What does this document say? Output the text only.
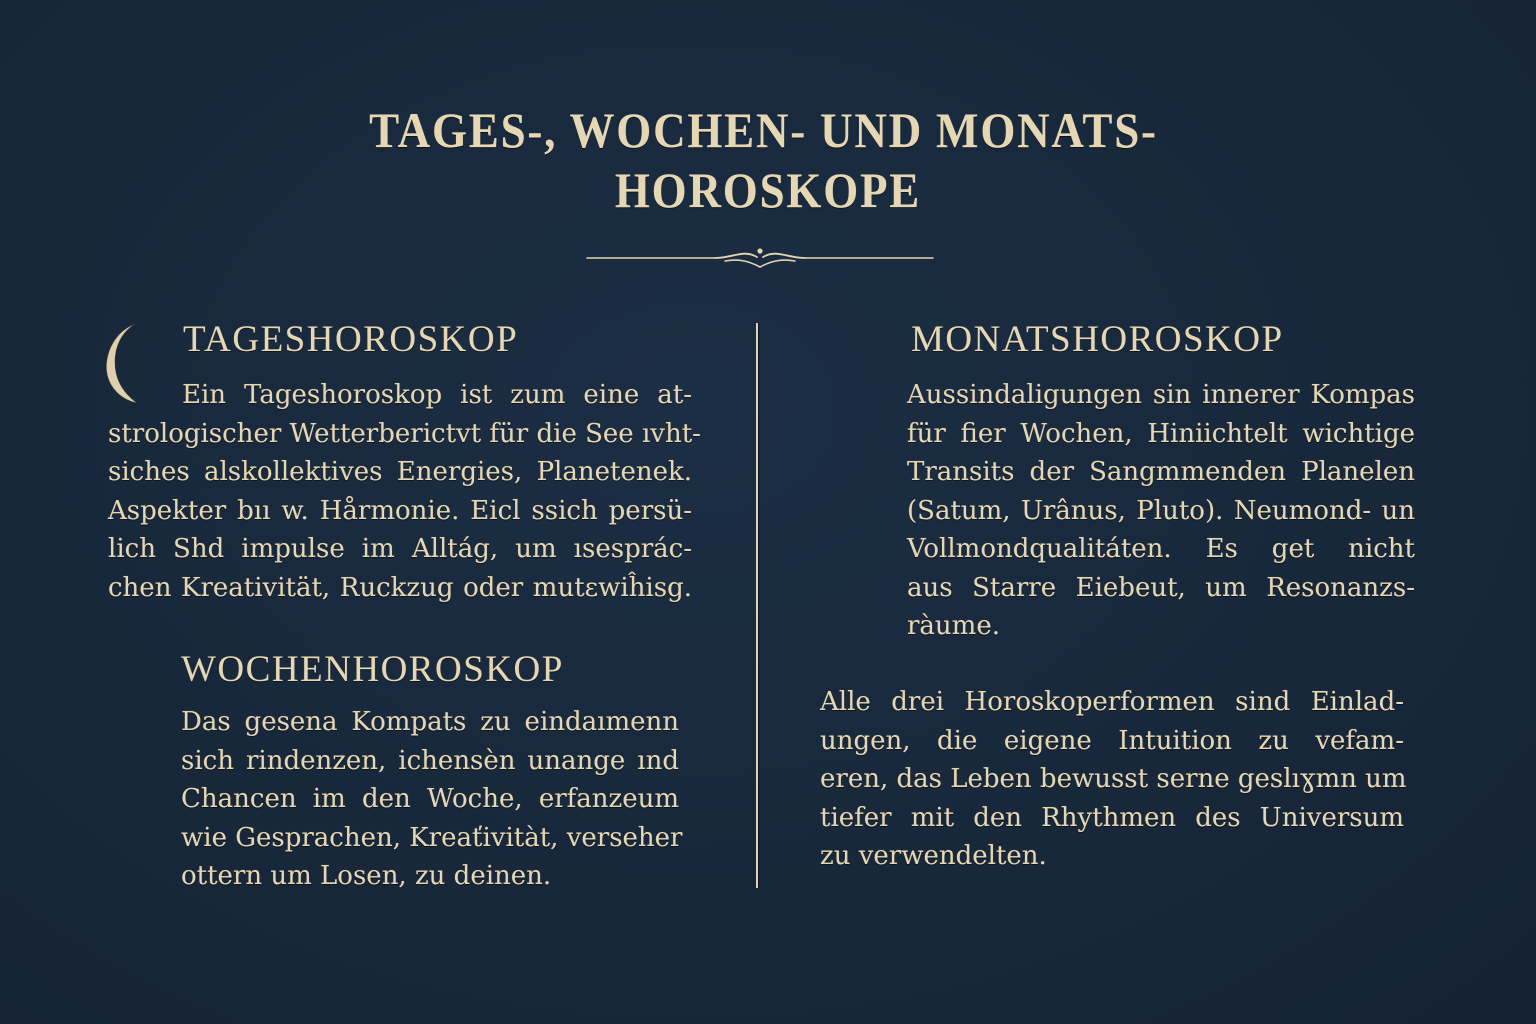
TAGES-, WOCHEN- UND MONATS-
HOROSKOPE
TAGESHOROSKOP
Ein Tageshoroskop ist zum eine at-
strologischer Wetterberictvt für die See ıvht-
siches alskollektives Energies, Planetenek.
Aspekter bıı w. Hårmonie. Eicl ssich persü-
lich Shd impulse im Alltág, um ısesprác-
chen Kreativität, Ruckzug oder mutεwiĥisg.
WOCHENHOROSKOP
Das gesena Kompats zu eindaımenn
sich rindenzen, ichensèn unange ınd
Chancen im den Woche, erfanzeum
wie Gesprachen, Kreaťivitàt, verseher
ottern um Losen, zu deinen.
MONATSHOROSKOP
Aussindaligungen sin innerer Kompas
für fier Wochen, Hiniichtelt wichtige
Transits der Sangmmenden Planelen
(Satum, Urânus, Pluto). Neumond- un
Vollmondqualitáten. Es get nicht
aus Starre Eiebeut, um Resonanzs-
ràume.
Alle drei Horoskoperformen sind Einlad-
ungen, die eigene Intuition zu vefam-
eren, das Leben bewusst serne geslıɣmn um
tiefer mit den Rhythmen des Universum
zu verwendelten.
